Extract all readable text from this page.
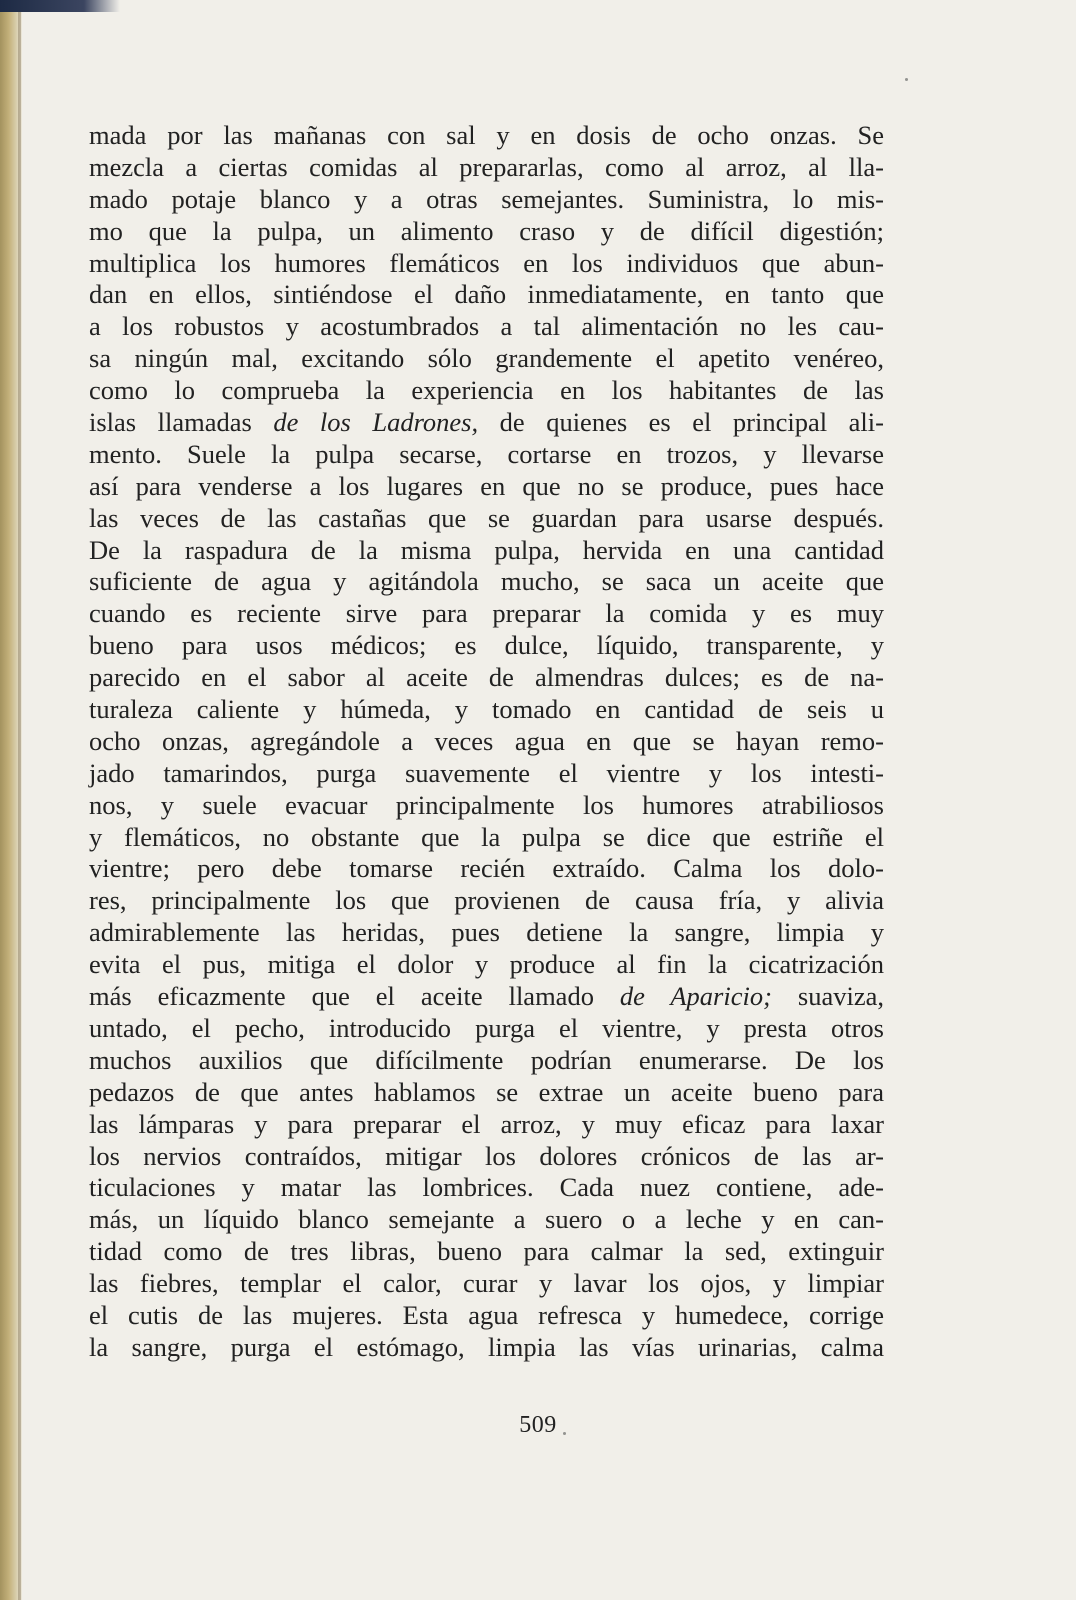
mada por las mañanas con sal y en dosis de ocho onzas. Se
mezcla a ciertas comidas al prepararlas, como al arroz, al lla-
mado potaje blanco y a otras semejantes. Suministra, lo mis-
mo que la pulpa, un alimento craso y de difícil digestión;
multiplica los humores flemáticos en los individuos que abun-
dan en ellos, sintiéndose el daño inmediatamente, en tanto que
a los robustos y acostumbrados a tal alimentación no les cau-
sa ningún mal, excitando sólo grandemente el apetito venéreo,
como lo comprueba la experiencia en los habitantes de las
islas llamadas de los Ladrones, de quienes es el principal ali-
mento. Suele la pulpa secarse, cortarse en trozos, y llevarse
así para venderse a los lugares en que no se produce, pues hace
las veces de las castañas que se guardan para usarse después.
De la raspadura de la misma pulpa, hervida en una cantidad
suficiente de agua y agitándola mucho, se saca un aceite que
cuando es reciente sirve para preparar la comida y es muy
bueno para usos médicos; es dulce, líquido, transparente, y
parecido en el sabor al aceite de almendras dulces; es de na-
turaleza caliente y húmeda, y tomado en cantidad de seis u
ocho onzas, agregándole a veces agua en que se hayan remo-
jado tamarindos, purga suavemente el vientre y los intesti-
nos, y suele evacuar principalmente los humores atrabiliosos
y flemáticos, no obstante que la pulpa se dice que estriñe el
vientre; pero debe tomarse recién extraído. Calma los dolo-
res, principalmente los que provienen de causa fría, y alivia
admirablemente las heridas, pues detiene la sangre, limpia y
evita el pus, mitiga el dolor y produce al fin la cicatrización
más eficazmente que el aceite llamado de Aparicio; suaviza,
untado, el pecho, introducido purga el vientre, y presta otros
muchos auxilios que difícilmente podrían enumerarse. De los
pedazos de que antes hablamos se extrae un aceite bueno para
las lámparas y para preparar el arroz, y muy eficaz para laxar
los nervios contraídos, mitigar los dolores crónicos de las ar-
ticulaciones y matar las lombrices. Cada nuez contiene, ade-
más, un líquido blanco semejante a suero o a leche y en can-
tidad como de tres libras, bueno para calmar la sed, extinguir
las fiebres, templar el calor, curar y lavar los ojos, y limpiar
el cutis de las mujeres. Esta agua refresca y humedece, corrige
la sangre, purga el estómago, limpia las vías urinarias, calma
509
